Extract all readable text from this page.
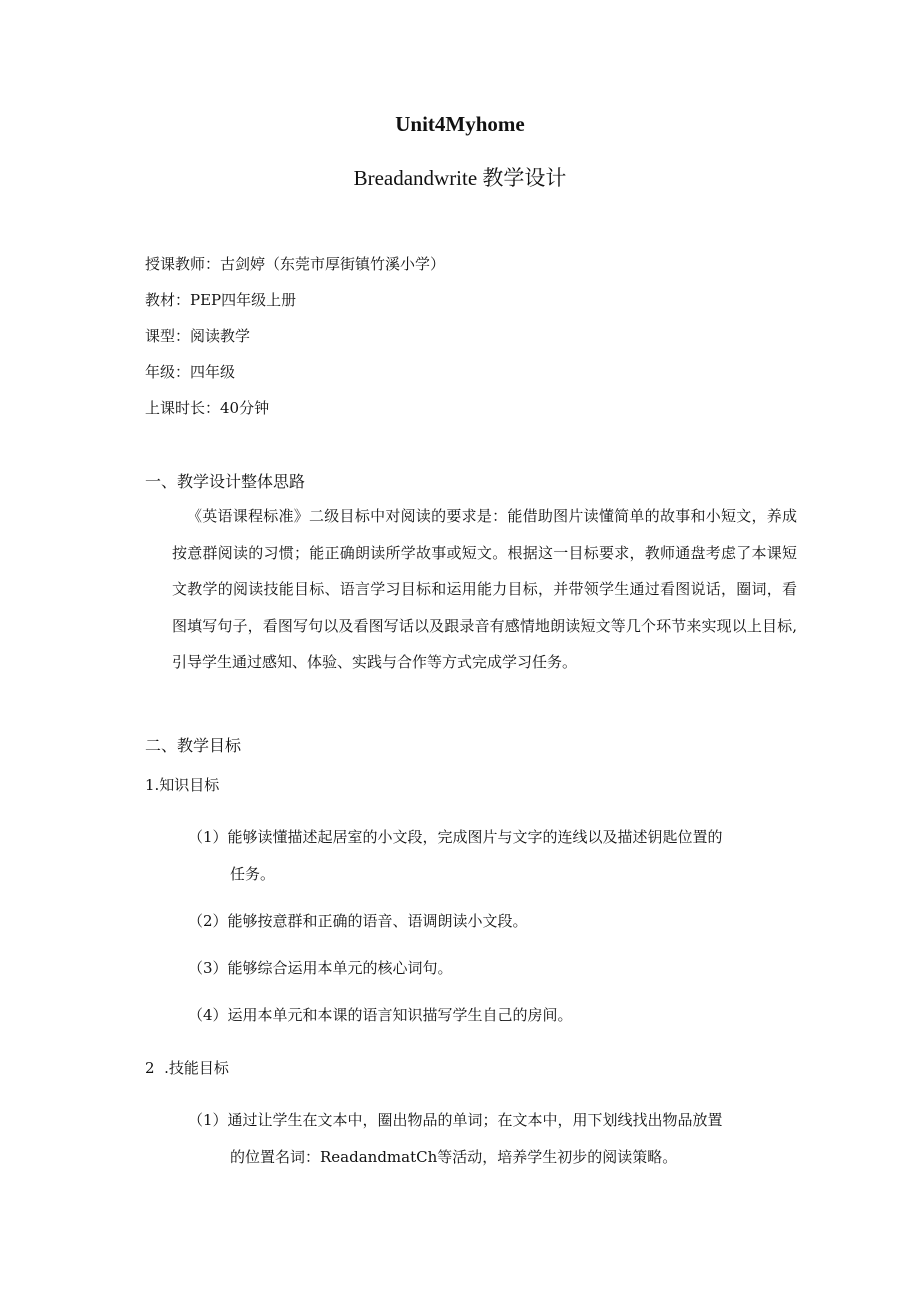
Unit4Myhome
Breadandwrite 教学设计
授课教师：古剑婷（东莞市厚街镇竹溪小学）
教材：PEP四年级上册
课型：阅读教学
年级：四年级
上课时长：40分钟
一、教学设计整体思路
《英语课程标准》二级目标中对阅读的要求是：能借助图片读懂简单的故事和小短文，养成按意群阅读的习惯；能正确朗读所学故事或短文。根据这一目标要求，教师通盘考虑了本课短文教学的阅读技能目标、语言学习目标和运用能力目标，并带领学生通过看图说话，圈词，看图填写句子，看图写句以及看图写话以及跟录音有感情地朗读短文等几个环节来实现以上目标,引导学生通过感知、体验、实践与合作等方式完成学习任务。
二、教学目标
1.知识目标
（1）能够读懂描述起居室的小文段，完成图片与文字的连线以及描述钥匙位置的
任务。
（2）能够按意群和正确的语音、语调朗读小文段。
（3）能够综合运用本单元的核心词句。
（4）运用本单元和本课的语言知识描写学生自己的房间。
2  .技能目标
（1）通过让学生在文本中，圈出物品的单词；在文本中，用下划线找出物品放置
的位置名词：ReadandmatCh等活动，培养学生初步的阅读策略。
